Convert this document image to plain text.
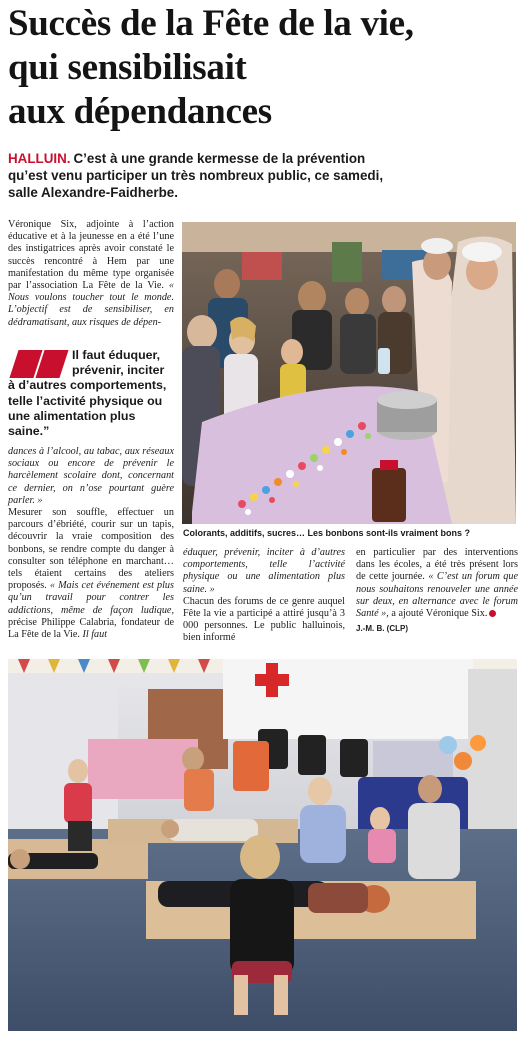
Succès de la Fête de la vie,
qui sensibilisait
aux dépendances
HALLUIN. C’est à une grande kermesse de la prévention
qu’est venu participer un très nombreux public, ce samedi,
salle Alexandre-Faidherbe.
Véronique Six, adjointe à l’action éducative et à la jeunesse en a été l’une des instigatrices après avoir constaté le succès rencontré à Hem par une manifestation du même type organisée par l’association La Fête de la Vie. « Nous voulons toucher tout le monde. L’objectif est de sensibiliser, en dédramatisant, aux risques de dépen-
Il faut éduquer, prévenir, inciter à d’autres comportements, telle l’activité physique ou une alimentation plus saine.”
dances à l’alcool, au tabac, aux réseaux sociaux ou encore de prévenir le harcèlement scolaire dont, concernant ce dernier, on n’ose pourtant guère parler. »
Mesurer son souffle, effectuer un parcours d’ébriété, courir sur un tapis, découvrir la vraie composition des bonbons, se rendre compte du danger à consulter son téléphone en marchant… tels étaient certains des ateliers proposés. « Mais cet événement est plus qu’un travail pour contrer les addictions, même de façon ludique, précise Philippe Calabria, fondateur de La Fête de la Vie. Il faut
Colorants, additifs, sucres… Les bonbons sont-ils vraiment bons ?
éduquer, prévenir, inciter à d’autres comportements, telle l’activité physique ou une alimentation plus saine. »
Chacun des forums de ce genre auquel Fête la vie a participé a attiré jusqu’à 3 000 personnes. Le public halluinois, bien informé
en particulier par des interventions dans les écoles, a été très présent lors de cette journée. « C’est un forum que nous souhaitons renouveler une année sur deux, en alternance avec le forum Santé », a ajouté Véronique Six.
J.-M. B. (CLP)
